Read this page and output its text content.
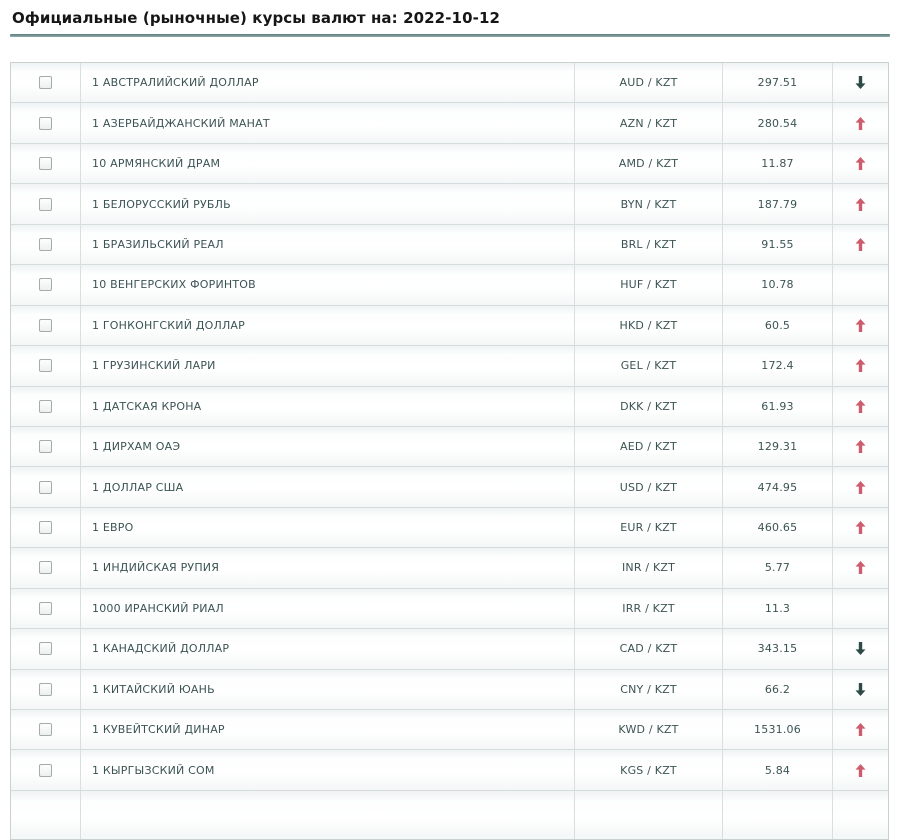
Официальные (рыночные) курсы валют на: 2022-10-12
1 АВСТРАЛИЙСКИЙ ДОЛЛАР	AUD / KZT	297.51
1 АЗЕРБАЙДЖАНСКИЙ МАНАТ	AZN / KZT	280.54
10 АРМЯНСКИЙ ДРАМ	AMD / KZT	11.87
1 БЕЛОРУССКИЙ РУБЛЬ	BYN / KZT	187.79
1 БРАЗИЛЬСКИЙ РЕАЛ	BRL / KZT	91.55
10 ВЕНГЕРСКИХ ФОРИНТОВ	HUF / KZT	10.78
1 ГОНКОНГСКИЙ ДОЛЛАР	HKD / KZT	60.5
1 ГРУЗИНСКИЙ ЛАРИ	GEL / KZT	172.4
1 ДАТСКАЯ КРОНА	DKK / KZT	61.93
1 ДИРХАМ ОАЭ	AED / KZT	129.31
1 ДОЛЛАР США	USD / KZT	474.95
1 ЕВРО	EUR / KZT	460.65
1 ИНДИЙСКАЯ РУПИЯ	INR / KZT	5.77
1000 ИРАНСКИЙ РИАЛ	IRR / KZT	11.3
1 КАНАДСКИЙ ДОЛЛАР	CAD / KZT	343.15
1 КИТАЙСКИЙ ЮАНЬ	CNY / KZT	66.2
1 КУВЕЙТСКИЙ ДИНАР	KWD / KZT	1531.06
1 КЫРГЫЗСКИЙ СОМ	KGS / KZT	5.84
